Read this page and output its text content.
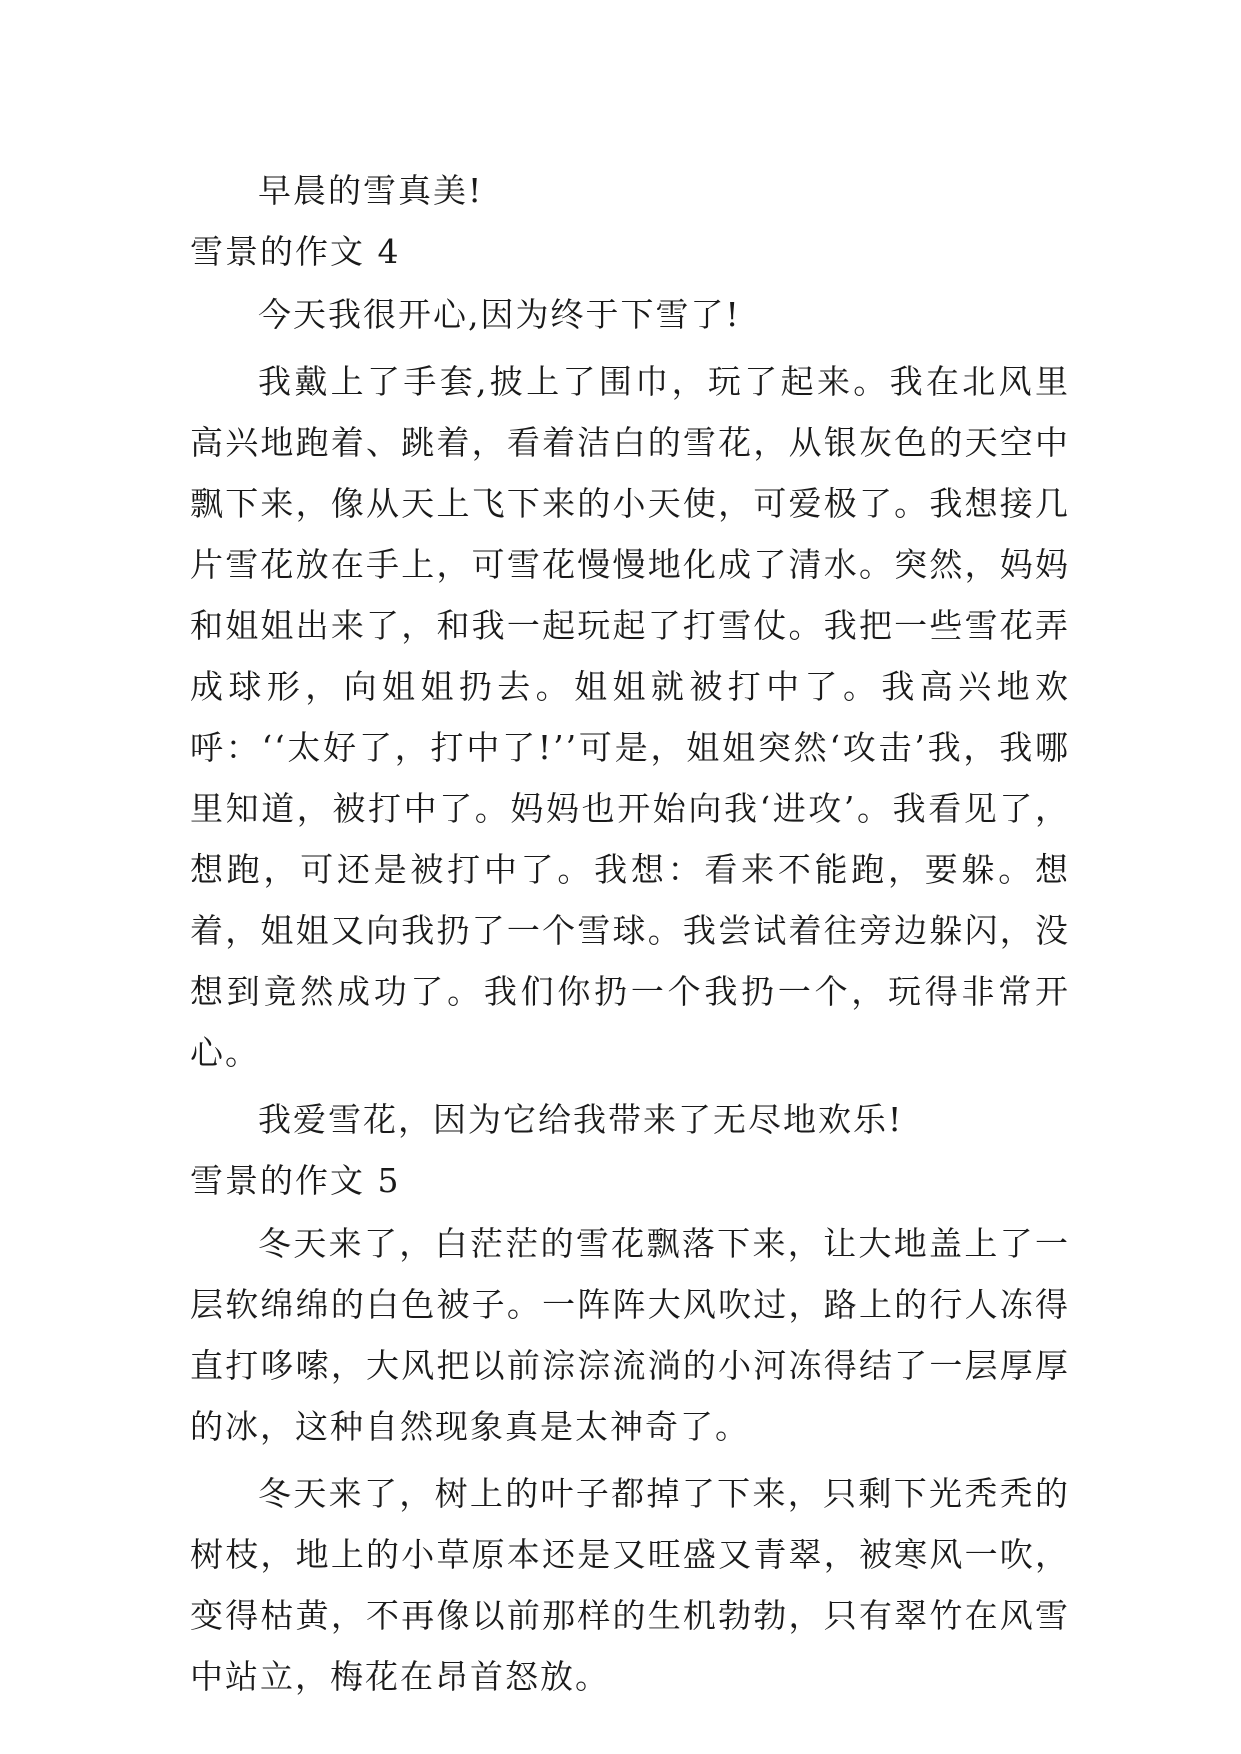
早晨的雪真美!

雪景的作文 4

今天我很开心,因为终于下雪了!

我戴上了手套,披上了围巾，玩了起来。我在北风里高兴地跑着、跳着，看着洁白的雪花，从银灰色的天空中飘下来，像从天上飞下来的小天使，可爱极了。我想接几片雪花放在手上，可雪花慢慢地化成了清水。突然，妈妈和姐姐出来了，和我一起玩起了打雪仗。我把一些雪花弄成球形，向姐姐扔去。姐姐就被打中了。我高兴地欢呼：‘‘太好了，打中了!’’可是，姐姐突然‘攻击’我，我哪里知道，被打中了。妈妈也开始向我‘进攻’。我看见了，想跑，可还是被打中了。我想：看来不能跑，要躲。想着，姐姐又向我扔了一个雪球。我尝试着往旁边躲闪，没想到竟然成功了。我们你扔一个我扔一个，玩得非常开心。

我爱雪花，因为它给我带来了无尽地欢乐!

雪景的作文 5

冬天来了，白茫茫的雪花飘落下来，让大地盖上了一层软绵绵的白色被子。一阵阵大风吹过，路上的行人冻得直打哆嗦，大风把以前淙淙流淌的小河冻得结了一层厚厚的冰，这种自然现象真是太神奇了。

冬天来了，树上的叶子都掉了下来，只剩下光秃秃的树枝，地上的小草原本还是又旺盛又青翠，被寒风一吹，变得枯黄，不再像以前那样的生机勃勃，只有翠竹在风雪中站立，梅花在昂首怒放。
